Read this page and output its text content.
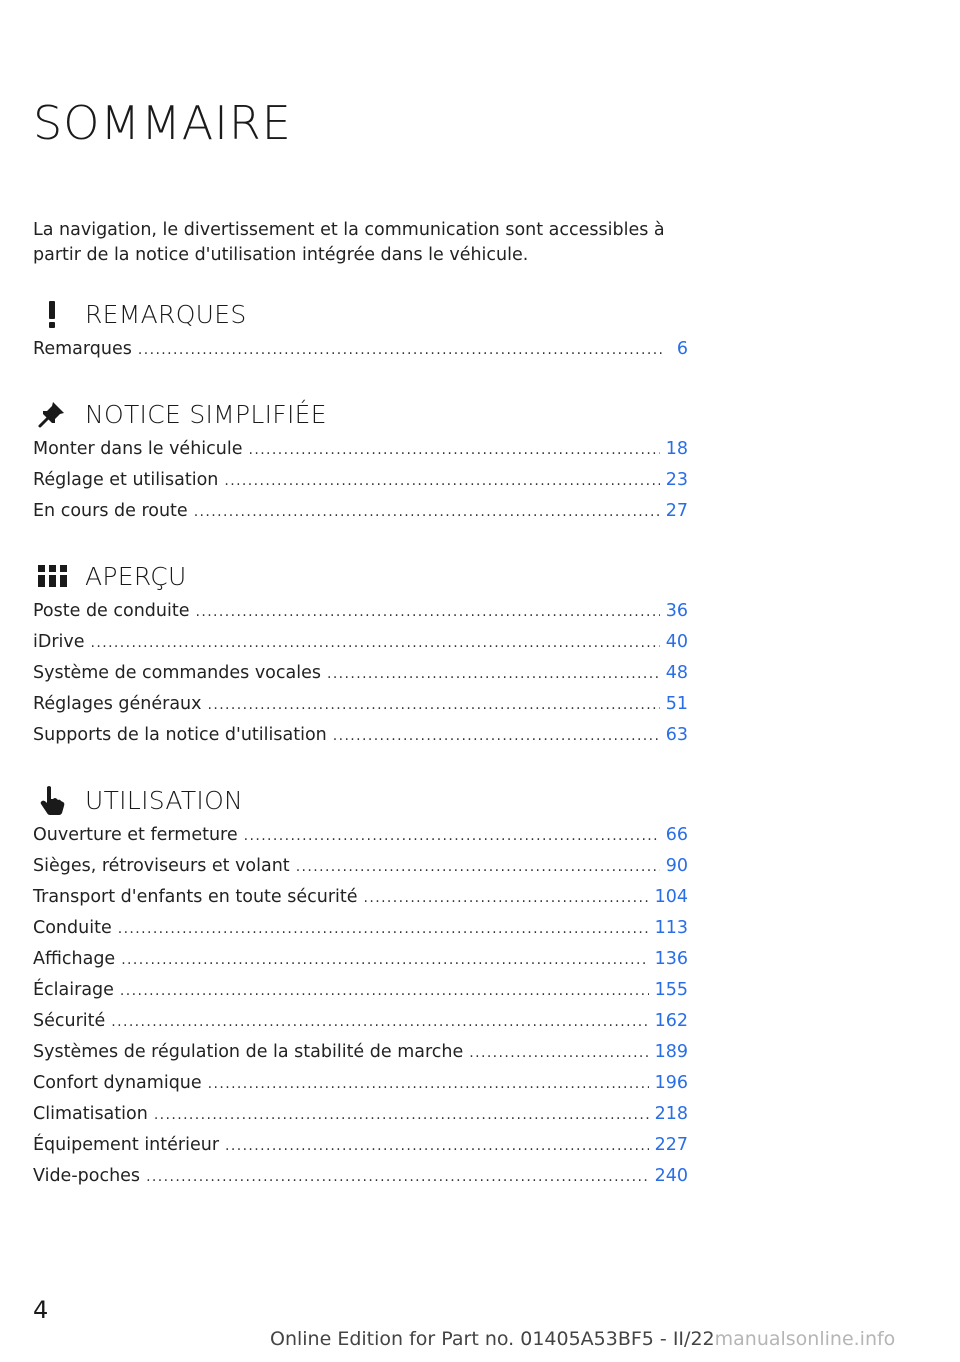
SOMMAIRE

La navigation, le divertissement et la communication sont accessibles à partir de la notice d'utilisation intégrée dans le véhicule.

REMARQUES
Remarques .....	6
NOTICE SIMPLIFIÉE
Monter dans le véhicule .....	18
Réglage et utilisation .....	23
En cours de route .....	27
APERÇU
Poste de conduite .....	36
iDrive .....	40
Système de commandes vocales .....	48
Réglages généraux .....	51
Supports de la notice d'utilisation .....	63
UTILISATION
Ouverture et fermeture .....	66
Sièges, rétroviseurs et volant .....	90
Transport d'enfants en toute sécurité .....	104
Conduite .....	113
Affichage .....	136
Éclairage .....	155
Sécurité .....	162
Systèmes de régulation de la stabilité de marche .....	189
Confort dynamique .....	196
Climatisation .....	218
Équipement intérieur .....	227
Vide-poches .....	240
4
Online Edition for Part no. 01405A53BF5 - II/22manualsonline.info
